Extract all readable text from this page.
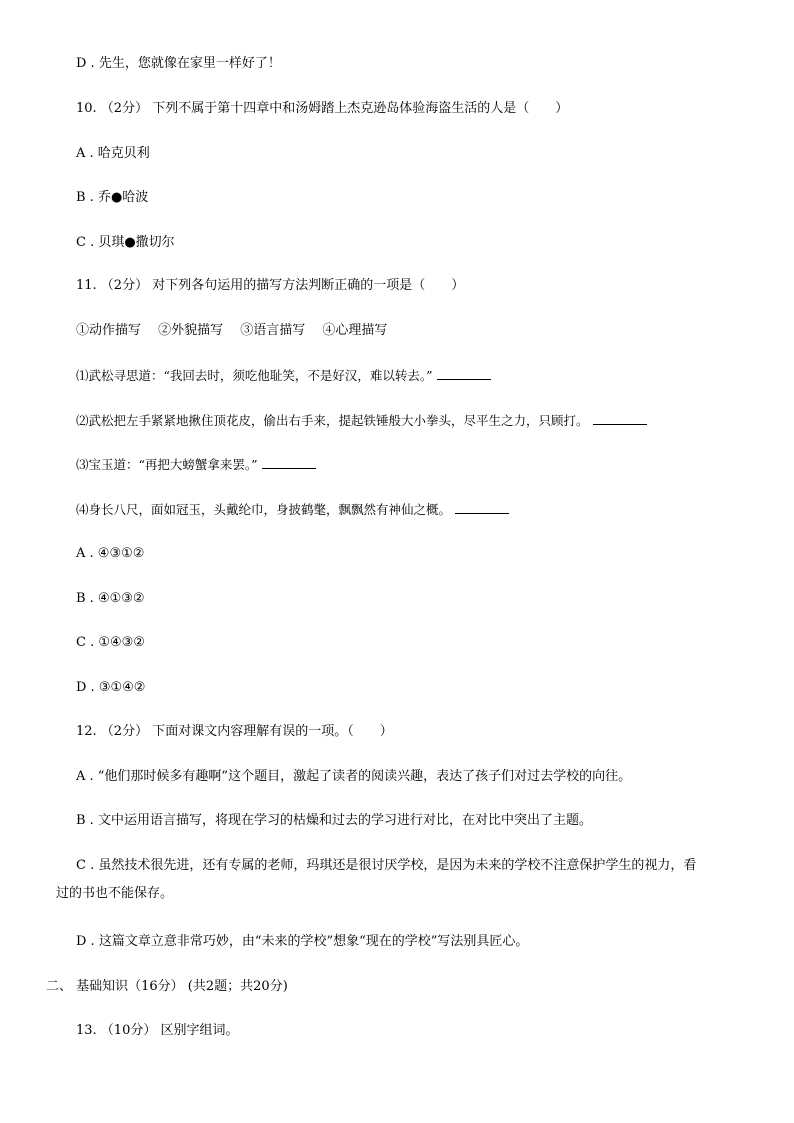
D . 先生，您就像在家里一样好了！
10. （2分） 下列不属于第十四章中和汤姆踏上杰克逊岛体验海盗生活的人是（　　）
A . 哈克贝利
B . 乔●哈波
C . 贝琪●撒切尔
11. （2分） 对下列各句运用的描写方法判断正确的一项是（　　）
①动作描写　 ②外貌描写　 ③语言描写　 ④心理描写
⑴武松寻思道：“我回去时，须吃他耻笑，不是好汉，难以转去。”
⑵武松把左手紧紧地揪住顶花皮，偷出右手来，提起铁锤般大小拳头，尽平生之力，只顾打。
⑶宝玉道：“再把大螃蟹拿来罢。”
⑷身长八尺，面如冠玉，头戴纶巾，身披鹤氅，飘飘然有神仙之概。
A . ④③①②
B . ④①③②
C . ①④③②
D . ③①④②
12. （2分） 下面对课文内容理解有误的一项。（　　）
A . “他们那时候多有趣啊”这个题目，激起了读者的阅读兴趣，表达了孩子们对过去学校的向往。
B . 文中运用语言描写，将现在学习的枯燥和过去的学习进行对比，在对比中突出了主题。
C . 虽然技术很先进，还有专属的老师，玛琪还是很讨厌学校，是因为未来的学校不注意保护学生的视力，看
过的书也不能保存。
D . 这篇文章立意非常巧妙，由“未来的学校”想象“现在的学校”写法别具匠心。
二、 基础知识（16分） (共2题；共20分)
13. （10分） 区别字组词。
